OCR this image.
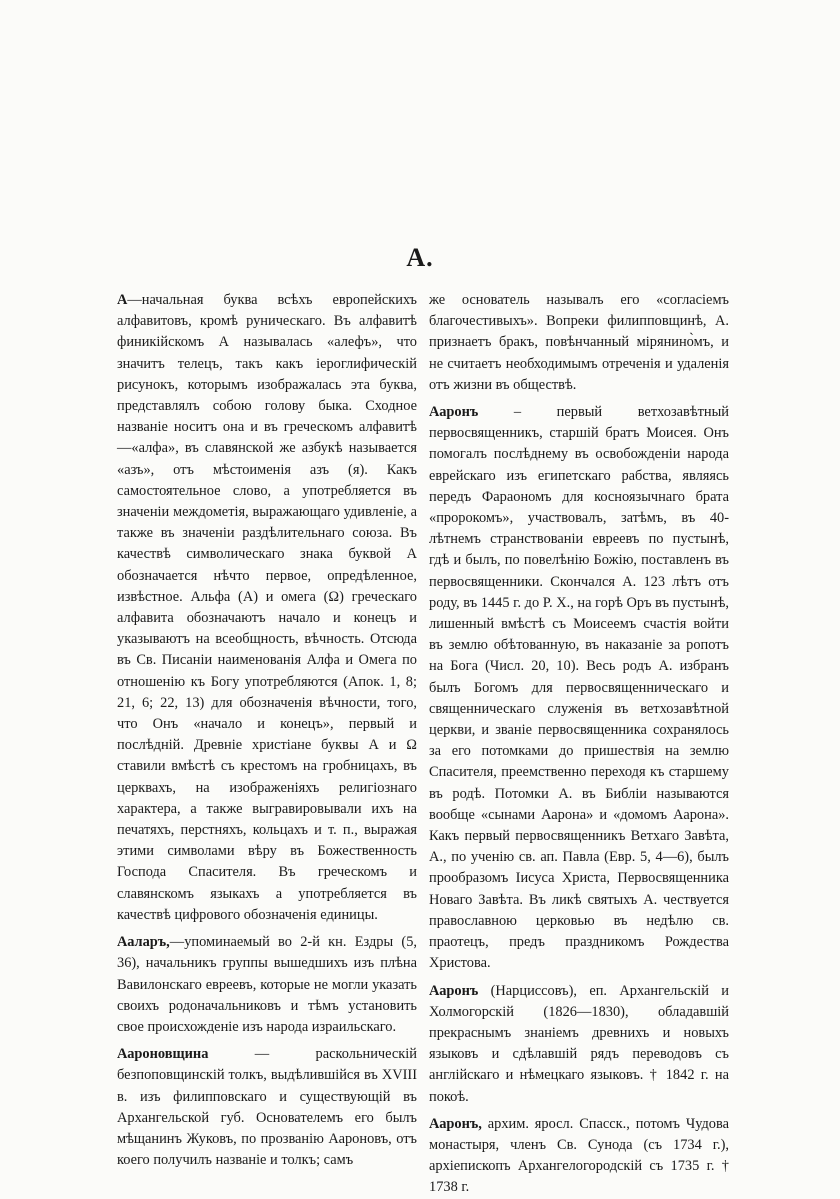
А.

А—начальная буква всѣхъ европейскихъ алфавитовъ, кромѣ руническаго. Въ алфавитѣ финикійскомъ А называлась «алефъ», что значитъ телецъ, такъ какъ іероглифическій рисунокъ, которымъ изображалась эта буква, представлялъ собою голову быка. Сходное названіе носитъ она и въ греческомъ алфавитѣ—«алфа», въ славянской же азбукѣ называется «азъ», отъ мѣстоименія азъ (я). Какъ самостоятельное слово, а употребляется въ значеніи междометія, выражающаго удивленіе, а также въ значеніи раздѣлительнаго союза. Въ качествѣ символическаго знака буквой А обозначается нѣчто первое, опредѣленное, извѣстное. Альфа (А) и омега (Ω) греческаго алфавита обозначаютъ начало и конецъ и указываютъ на всеобщность, вѣчность. Отсюда въ Св. Писаніи наименованія Алфа и Омега по отношенію къ Богу употребляются (Апок. 1, 8; 21, 6; 22, 13) для обозначенія вѣчности, того, что Онъ «начало и конецъ», первый и послѣдній. Древніе христіане буквы А и Ω ставили вмѣстѣ съ крестомъ на гробницахъ, въ церквахъ, на изображеніяхъ религіознаго характера, а также выгравировывали ихъ на печатяхъ, перстняхъ, кольцахъ и т. п., выражая этими символами вѣру въ Божественность Господа Спасителя. Въ греческомъ и славянскомъ языкахъ а употребляется въ качествѣ цифрового обозначенія единицы.

Ааларъ,—упоминаемый во 2-й кн. Ездры (5, 36), начальникъ группы вышедшихъ изъ плѣна Вавилонскаго евреевъ, которые не могли указать своихъ родоначальниковъ и тѣмъ установить свое происхожденіе изъ народа израильскаго.

Аароновщина — раскольническій безпоповщинскій толкъ, выдѣлившійся въ XVIII в. изъ филипповскаго и существующій въ Архангельской губ. Основателемъ его былъ мѣщанинъ Жуковъ, по прозванію Аароновъ, отъ коего получилъ названіе и толкъ; самъ

же основатель называлъ его «согласіемъ благочестивыхъ». Вопреки филипповщинѣ, А. признаетъ бракъ, повѣнчанный мірянино̀мъ, и не считаетъ необходимымъ отреченія и удаленія отъ жизни въ обществѣ.

Ааронъ – первый ветхозавѣтный первосвященникъ, старшій братъ Моисея. Онъ помогалъ послѣднему въ освобожденіи народа еврейскаго изъ египетскаго рабства, являясь передъ Фараономъ для косноязычнаго брата «пророкомъ», участвовалъ, затѣмъ, въ 40-лѣтнемъ странствованіи евреевъ по пустынѣ, гдѣ и былъ, по повелѣнію Божію, поставленъ въ первосвященники. Скончался А. 123 лѣтъ отъ роду, въ 1445 г. до Р. Х., на горѣ Оръ въ пустынѣ, лишенный вмѣстѣ съ Моисеемъ счастія войти въ землю обѣтованную, въ наказаніе за ропотъ на Бога (Числ. 20, 10). Весь родъ А. избранъ былъ Богомъ для первосвященническаго и священническаго служенія въ ветхозавѣтной церкви, и званіе первосвященника сохранялось за его потомками до пришествія на землю Спасителя, преемственно переходя къ старшему въ родѣ. Потомки А. въ Библіи называются вообще «сынами Аарона» и «домомъ Аарона». Какъ первый первосвященникъ Ветхаго Завѣта, А., по ученію св. ап. Павла (Евр. 5, 4—6), былъ прообразомъ Іисуса Христа, Первосвященника Новаго Завѣта. Въ ликѣ святыхъ А. чествуется православною церковью въ недѣлю св. праотецъ, предъ праздникомъ Рождества Христова.

Ааронъ (Нарциссовъ), еп. Архангельскій и Холмогорскій (1826—1830), обладавшій прекраснымъ знаніемъ древнихъ и новыхъ языковъ и сдѣлавшій рядъ переводовъ съ англійскаго и нѣмецкаго языковъ. † 1842 г. на покоѣ.

Ааронъ, архим. яросл. Спасск., потомъ Чудова монастыря, членъ Св. Сунода (съ 1734 г.), архіепископъ Архангелогородскій съ 1735 г. † 1738 г.
